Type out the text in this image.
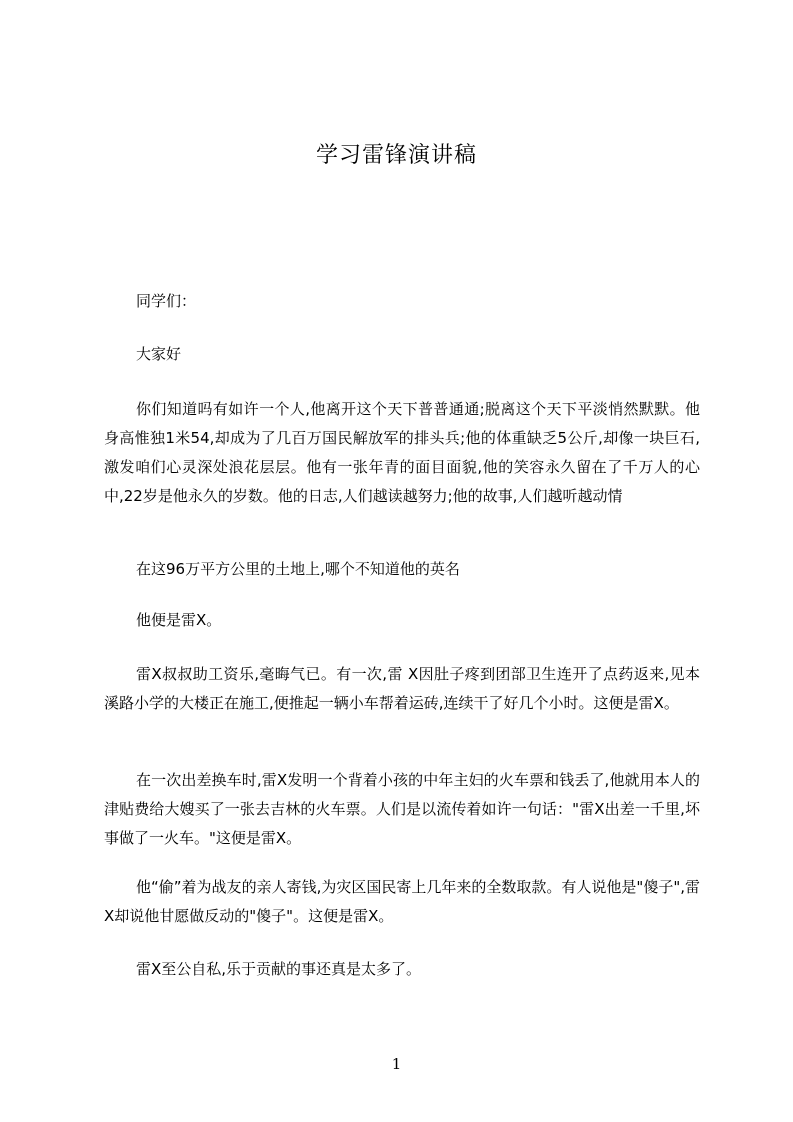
学习雷锋演讲稿

同学们：

大家好

你们知道吗有如许一个人,他离开这个天下普普通通;脱离这个天下平淡悄然默默。他身高惟独1米54,却成为了几百万国民解放军的排头兵;他的体重缺乏5公斤,却像一块巨石,激发咱们心灵深处浪花层层。他有一张年青的面目面貌,他的笑容永久留在了千万人的心中,22岁是他永久的岁数。他的日志,人们越读越努力;他的故事,人们越听越动情

在这96万平方公里的土地上,哪个不知道他的英名

他便是雷X。

雷X叔叔助工资乐,毫晦气已。有一次,雷 X因肚子疼到团部卫生连开了点药返来,见本溪路小学的大楼正在施工,便推起一辆小车帮着运砖,连续干了好几个小时。这便是雷X。

在一次出差换车时,雷X发明一个背着小孩的中年主妇的火车票和钱丢了,他就用本人的津贴费给大嫂买了一张去吉林的火车票。人们是以流传着如许一句话："雷X出差一千里,坏事做了一火车。"这便是雷X。

他“偷”着为战友的亲人寄钱,为灾区国民寄上几年来的全数取款。有人说他是"傻子",雷X却说他甘愿做反动的"傻子"。这便是雷X。

雷X至公自私,乐于贡献的事还真是太多了。

1
